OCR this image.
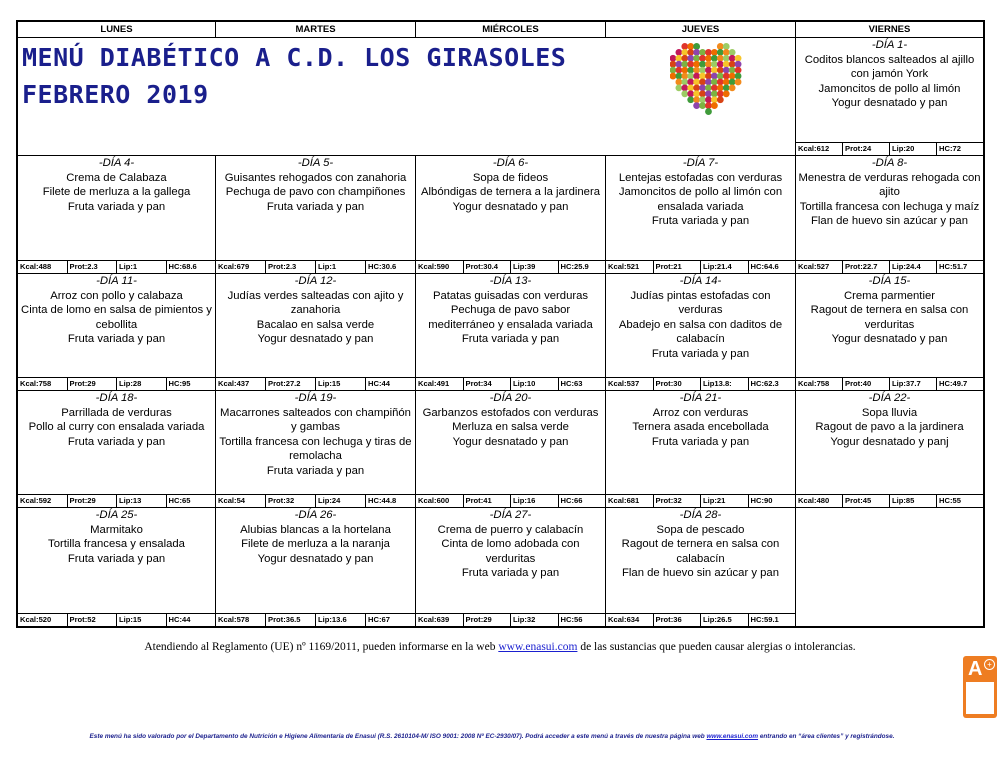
LUNES	MARTES	MIÉRCOLES	JUEVES	VIERNES
MENÚ DIABÉTICO A C.D. LOS GIRASOLES
FEBRERO 2019
-DÍA 1-
Coditos blancos salteados al ajillo con jamón York
Jamoncitos de pollo al limón
Yogur desnatado y pan
Kcal:612	Prot:24	Lip:20	HC:72
-DÍA 4-
Crema de Calabaza
Filete de merluza a la gallega
Fruta variada y pan
Kcal:488	Prot:2.3	Lip:1	HC:68.6
-DÍA 5-
Guisantes rehogados con zanahoria
Pechuga de pavo con champiñones
Fruta variada y pan
Kcal:679	Prot:2.3	Lip:1	HC:30.6
-DÍA 6-
Sopa de fideos
Albóndigas de ternera a la jardinera
Yogur desnatado y pan
Kcal:590	Prot:30.4	Lip:39	HC:25.9
-DÍA 7-
Lentejas estofadas con verduras
Jamoncitos de pollo al limón con ensalada variada
Fruta variada y pan
Kcal:521	Prot:21	Lip:21.4	HC:64.6
-DÍA 8-
Menestra de verduras rehogada con ajito
Tortilla francesa con lechuga y maíz
Flan de huevo sin azúcar y pan
Kcal:527	Prot:22.7	Lip:24.4	HC:51.7
-DÍA 11-
Arroz con pollo y calabaza
Cinta de lomo en salsa de pimientos y cebollita
Fruta variada y pan
Kcal:758	Prot:29	Lip:28	HC:95
-DÍA 12-
Judías verdes salteadas con ajito y zanahoria
Bacalao en salsa verde
Yogur desnatado y pan
Kcal:437	Prot:27.2	Lip:15	HC:44
-DÍA 13-
Patatas guisadas con verduras
Pechuga de pavo sabor mediterráneo y ensalada variada
Fruta variada y pan
Kcal:491	Prot:34	Lip:10	HC:63
-DÍA 14-
Judías pintas estofadas con verduras
Abadejo en salsa con daditos de calabacín
Fruta variada y pan
Kcal:537	Prot:30	Lip13.8:	HC:62.3
-DÍA 15-
Crema parmentier
Ragout de ternera en salsa con verduritas
Yogur desnatado y pan
Kcal:758	Prot:40	Lip:37.7	HC:49.7
-DÍA 18-
Parrillada de verduras
Pollo al curry con ensalada variada
Fruta variada y pan
Kcal:592	Prot:29	Lip:13	HC:65
-DÍA 19-
Macarrones salteados con champiñón y gambas
Tortilla francesa con lechuga y tiras de remolacha
Fruta variada y pan
Kcal:54	Prot:32	Lip:24	HC:44.8
-DÍA 20-
Garbanzos estofados con verduras
Merluza en salsa verde
Yogur desnatado y pan
Kcal:600	Prot:41	Lip:16	HC:66
-DÍA 21-
Arroz con verduras
Ternera asada encebollada
Fruta variada y pan
Kcal:681	Prot:32	Lip:21	HC:90
-DÍA 22-
Sopa lluvia
Ragout de pavo a la jardinera
Yogur desnatado y panj
Kcal:480	Prot:45	Lip:85	HC:55
-DÍA 25-
Marmitako
Tortilla francesa y ensalada
Fruta variada y pan
Kcal:520	Prot:52	Lip:15	HC:44
-DÍA 26-
Alubias blancas a la hortelana
Filete de merluza a la naranja
Yogur desnatado y pan
Kcal:578	Prot:36.5	Lip:13.6	HC:67
-DÍA 27-
Crema de puerro y calabacín
Cinta de lomo adobada con verduritas
Fruta variada y pan
Kcal:639	Prot:29	Lip:32	HC:56
-DÍA 28-
Sopa de pescado
Ragout de ternera en salsa con calabacín
Flan de huevo sin azúcar y pan
Kcal:634	Prot:36	Lip:26.5	HC:59.1
Atendiendo al Reglamento (UE) nº 1169/2011, pueden informarse en la web www.enasui.com de las sustancias que pueden causar alergias o intolerancias.
A +
Este menú ha sido valorado por el Departamento de Nutrición e Higiene Alimentaria de Enasui (R.S. 2610104-M/ ISO 9001: 2008 Nº EC-2930/07). Podrá acceder a este menú a través de nuestra página web www.enasui.com entrando en “área clientes” y registrándose.
